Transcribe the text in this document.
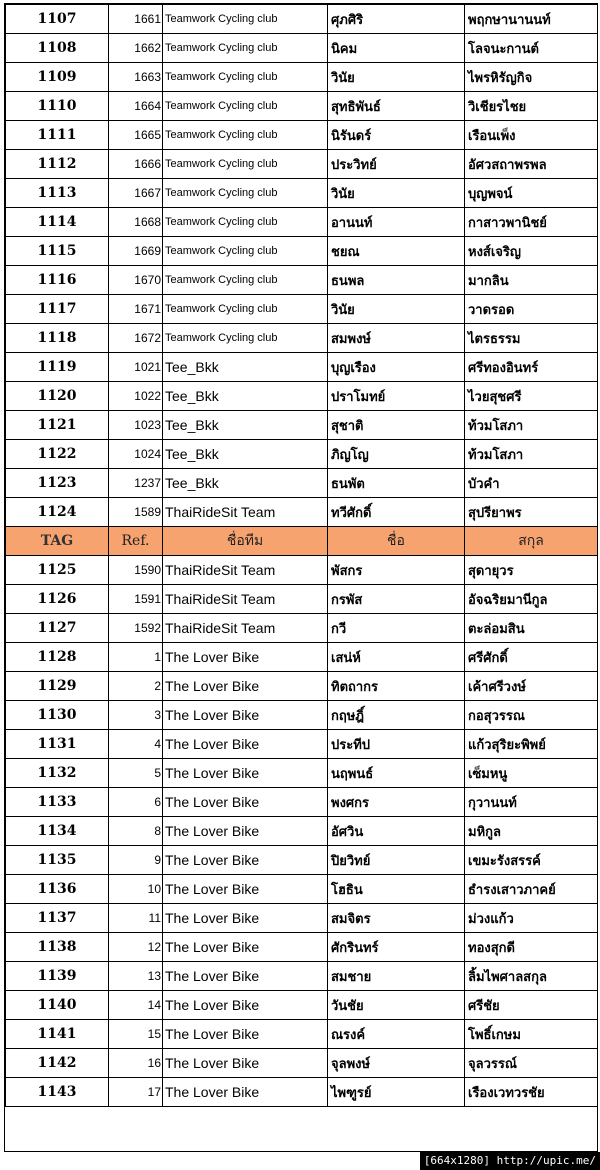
1107	1661	Teamwork Cycling club	ศุภศิริ	พฤกษานานนท์
1108	1662	Teamwork Cycling club	นิคม	โลจนะกานต์
1109	1663	Teamwork Cycling club	วินัย	ไพรหิรัญกิจ
1110	1664	Teamwork Cycling club	สุทธิพันธ์	วิเชียรไชย
1111	1665	Teamwork Cycling club	นิรันดร์	เรือนเพ็ง
1112	1666	Teamwork Cycling club	ประวิทย์	อัศวสถาพรพล
1113	1667	Teamwork Cycling club	วินัย	บุญพจน์
1114	1668	Teamwork Cycling club	อานนท์	กาสาวพานิชย์
1115	1669	Teamwork Cycling club	ชยณ	หงส์เจริญ
1116	1670	Teamwork Cycling club	ธนพล	มากลิน
1117	1671	Teamwork Cycling club	วินัย	วาดรอด
1118	1672	Teamwork Cycling club	สมพงษ์	ไตรธรรม
1119	1021	Tee_Bkk	บุญเรือง	ศรีทองอินทร์
1120	1022	Tee_Bkk	ปราโมทย์	ไวยสุชศรี
1121	1023	Tee_Bkk	สุชาติ	ท้วมโสภา
1122	1024	Tee_Bkk	ภิญโญ	ท้วมโสภา
1123	1237	Tee_Bkk	ธนพัต	บัวคำ
1124	1589	ThaiRideSit Team	ทวีศักดิ์	สุปรียาพร
TAG	Ref.	ชื่อทีม	ชื่อ	สกุล
1125	1590	ThaiRideSit Team	พัสกร	สุดายุวร
1126	1591	ThaiRideSit Team	กรพัส	อัจฉริยมานีกูล
1127	1592	ThaiRideSit Team	กวี	ตะล่อมสิน
1128	1	The Lover Bike	เสน่ห์	ศรีศักดิ์
1129	2	The Lover Bike	ทิตถากร	เค้าศรีวงษ์
1130	3	The Lover Bike	กฤษฎิ์	กอสุวรรณ
1131	4	The Lover Bike	ประทีป	แก้วสุริยะพิพย์
1132	5	The Lover Bike	นฤพนธ์	เซ็มหนู
1133	6	The Lover Bike	พงศกร	กุวานนท์
1134	8	The Lover Bike	อัศวิน	มหิกูล
1135	9	The Lover Bike	ปิยวิทย์	เขมะรังสรรค์
1136	10	The Lover Bike	โฮธิน	ธำรงเสาวภาคย์
1137	11	The Lover Bike	สมจิตร	ม่วงแก้ว
1138	12	The Lover Bike	ศักรินทร์	ทองสุกดี
1139	13	The Lover Bike	สมชาย	ลิ้มไพศาลสกุล
1140	14	The Lover Bike	วันชัย	ศรีชัย
1141	15	The Lover Bike	ณรงค์	โพธิ์เกษม
1142	16	The Lover Bike	จุลพงษ์	จุลวรรณ์
1143	17	The Lover Bike	ไพฑูรย์	เรืองเวทวรชัย
[664x1280] http://upic.me/
